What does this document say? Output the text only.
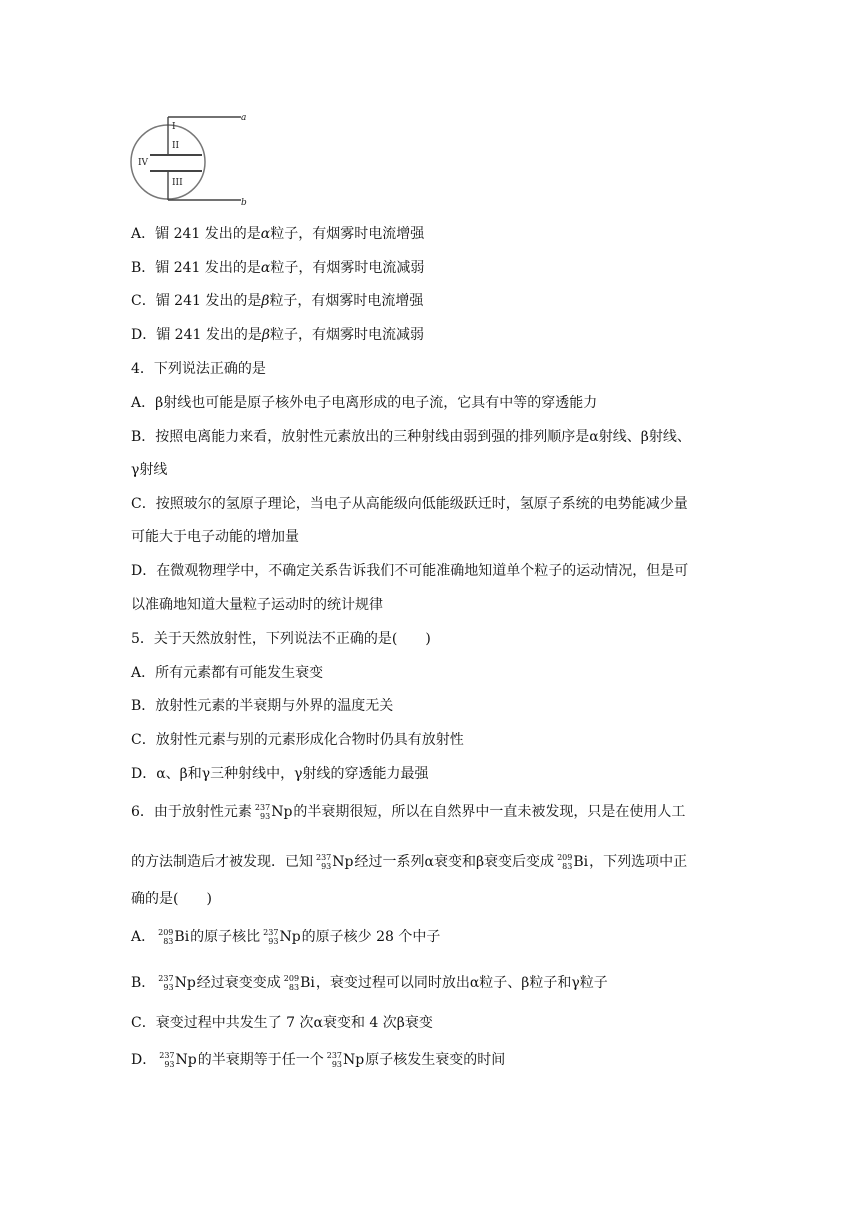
I
II
III
IV
a
b
A．镅 241 发出的是α粒子，有烟雾时电流增强
B．镅 241 发出的是α粒子，有烟雾时电流减弱
C．镅 241 发出的是β粒子，有烟雾时电流增强
D．镅 241 发出的是β粒子，有烟雾时电流减弱
4．下列说法正确的是
A．β射线也可能是原子核外电子电离形成的电子流，它具有中等的穿透能力
B．按照电离能力来看，放射性元素放出的三种射线由弱到强的排列顺序是α射线、β射线、
γ射线
C．按照玻尔的氢原子理论，当电子从高能级向低能级跃迁时，氢原子系统的电势能减少量
可能大于电子动能的增加量
D．在微观物理学中，不确定关系告诉我们不可能准确地知道单个粒子的运动情况，但是可
以准确地知道大量粒子运动时的统计规律
5．关于天然放射性，下列说法不正确的是(　　)
A．所有元素都有可能发生衰变
B．放射性元素的半衰期与外界的温度无关
C．放射性元素与别的元素形成化合物时仍具有放射性
D．α、β和γ三种射线中，γ射线的穿透能力最强
6．由于放射性元素 237
93 Np 的半衰期很短，所以在自然界中一直未被发现，只是在使用人工
的方法制造后才被发现．已知 237
93 Np 经过一系列α衰变和β衰变后变成 209
83 Bi ，下列选项中正
确的是(　　)
A． 209
83 Bi 的原子核比 237
93 Np 的原子核少 28 个中子
B． 237
93 Np 经过衰变变成 209
83 Bi ，衰变过程可以同时放出α粒子、β粒子和γ粒子
C．衰变过程中共发生了 7 次α衰变和 4 次β衰变
D． 237
93 Np 的半衰期等于任一个 237
93 Np 原子核发生衰变的时间
